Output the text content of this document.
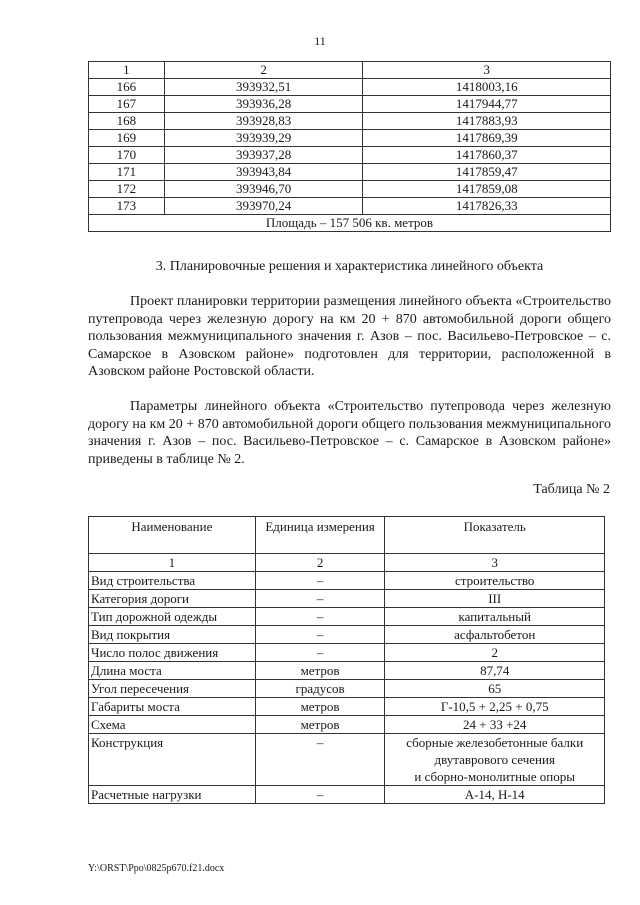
11
1	2	3
166	393932,51	1418003,16
167	393936,28	1417944,77
168	393928,83	1417883,93
169	393939,29	1417869,39
170	393937,28	1417860,37
171	393943,84	1417859,47
172	393946,70	1417859,08
173	393970,24	1417826,33
Площадь – 157 506 кв. метров		
3. Планировочные решения и характеристика линейного объекта
Проект планировки территории размещения линейного объекта «Строительство путепровода через железную дорогу на км 20 + 870 автомобильной дороги общего пользования межмуниципального значения г. Азов – пос. Васильево-Петровское – с. Самарское в Азовском районе» подготовлен для территории, расположенной в Азовском районе Ростовской области.
Параметры линейного объекта «Строительство путепровода через железную дорогу на км 20 + 870 автомобильной дороги общего пользования межмуниципального значения г. Азов – пос. Васильево-Петровское – с. Самарское в Азовском районе» приведены в таблице № 2.
Таблица № 2
Наименование	Единица измерения	Показатель
1	2	3
Вид строительства	–	строительство
Категория дороги	–	III
Тип дорожной одежды	–	капитальный
Вид покрытия	–	асфальтобетон
Число полос движения	–	2
Длина моста	метров	87,74
Угол пересечения	градусов	65
Габариты моста	метров	Г-10,5 + 2,25 + 0,75
Схема	метров	24 + 33 +24
Конструкция	–	сборные железобетонные балки
двутаврового сечения
и сборно-монолитные опоры

Расчетные нагрузки	–	А-14, Н-14
Y:\ORST\Ppo\0825p670.f21.docx
